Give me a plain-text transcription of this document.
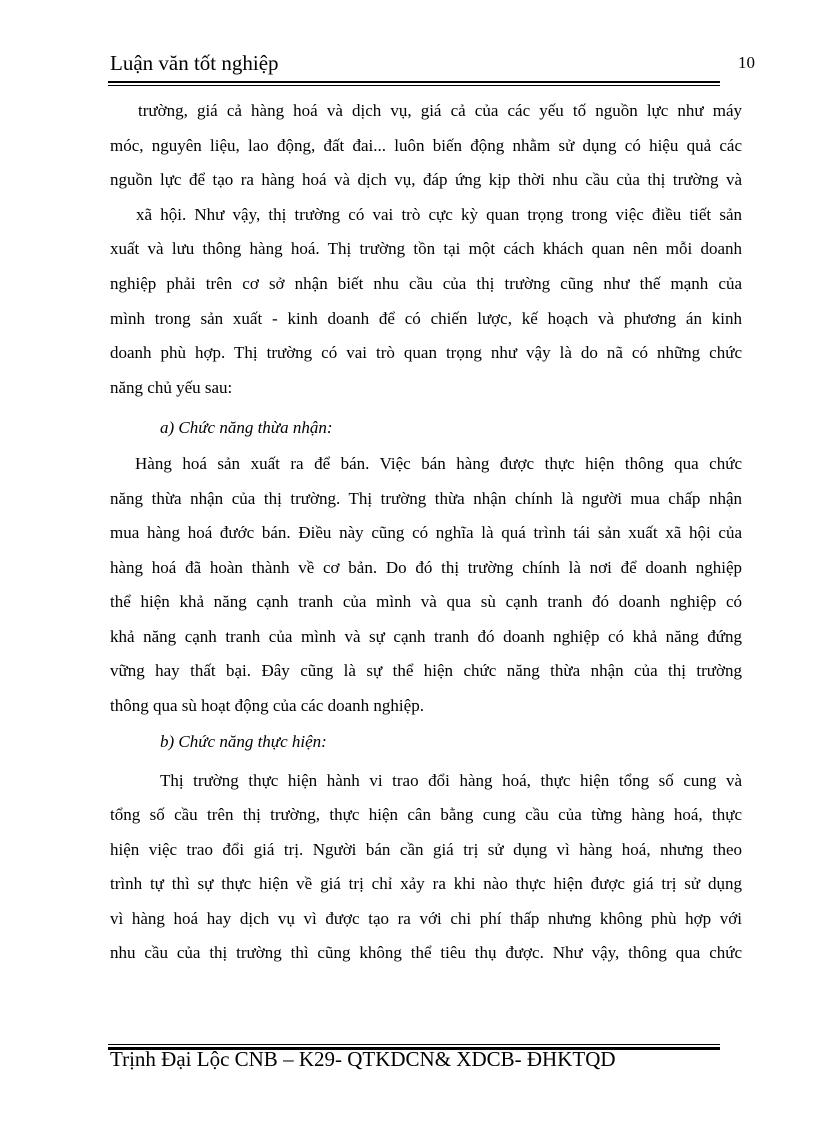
Luận văn tốt nghiệp	10
trường, giá cả hàng hoá và dịch vụ, giá cả của các yếu tố nguồn lực như máy
móc, nguyên liệu, lao động, đất đai... luôn biến động nhằm sử dụng có hiệu quả các
nguồn lực để tạo ra hàng hoá và dịch vụ, đáp ứng kịp thời nhu cầu của thị trường và
xã hội. Như vậy, thị trường có vai trò cực kỳ quan trọng trong việc điều tiết sản
xuất và lưu thông hàng hoá. Thị trường tồn tại một cách khách quan nên mỗi doanh
nghiệp phải trên cơ sở nhận biết nhu cầu của thị trường cũng như thế mạnh của
mình trong sản xuất - kinh doanh để có chiến lược, kế hoạch và phương án kinh
doanh phù hợp. Thị trường có vai trò quan trọng như vậy là do nã có những chức
năng chủ yếu sau:
a) Chức năng thừa nhận:
Hàng hoá sản xuất ra để bán. Việc bán hàng được thực hiện thông qua chức
năng thừa nhận của thị trường. Thị trường thừa nhận chính là người mua chấp nhận
mua hàng hoá đước bán. Điều này cũng có nghĩa là quá trình tái sản xuất xã hội của
hàng hoá đã hoàn thành về cơ bản. Do đó thị trường chính là nơi để doanh nghiệp
thể hiện khả năng cạnh tranh của mình và qua sù cạnh tranh đó doanh nghiệp có
khả năng cạnh tranh của mình và sự cạnh tranh đó doanh nghiệp có khả năng đứng
vững hay thất bại. Đây cũng là sự thể hiện chức năng thừa nhận của thị trường
thông qua sù hoạt động của các doanh nghiệp.
b) Chức năng thực hiện:
Thị trường thực hiện hành vi trao đổi hàng hoá, thực hiện tổng số cung và
tổng số cầu trên thị trường, thực hiện cân bằng cung cầu của từng hàng hoá, thực
hiện việc trao đổi giá trị. Người bán cần giá trị sử dụng vì hàng hoá, nhưng theo
trình tự thì sự thực hiện về giá trị chỉ xảy ra khi nào thực hiện được giá trị sử dụng
vì hàng hoá hay dịch vụ vì được tạo ra với chi phí thấp nhưng không phù hợp với
nhu cầu của thị trường thì cũng không thể tiêu thụ được. Như vậy, thông qua chức
Trịnh Đại Lộc CNB – K29- QTKDCN& XDCB- ĐHKTQD
